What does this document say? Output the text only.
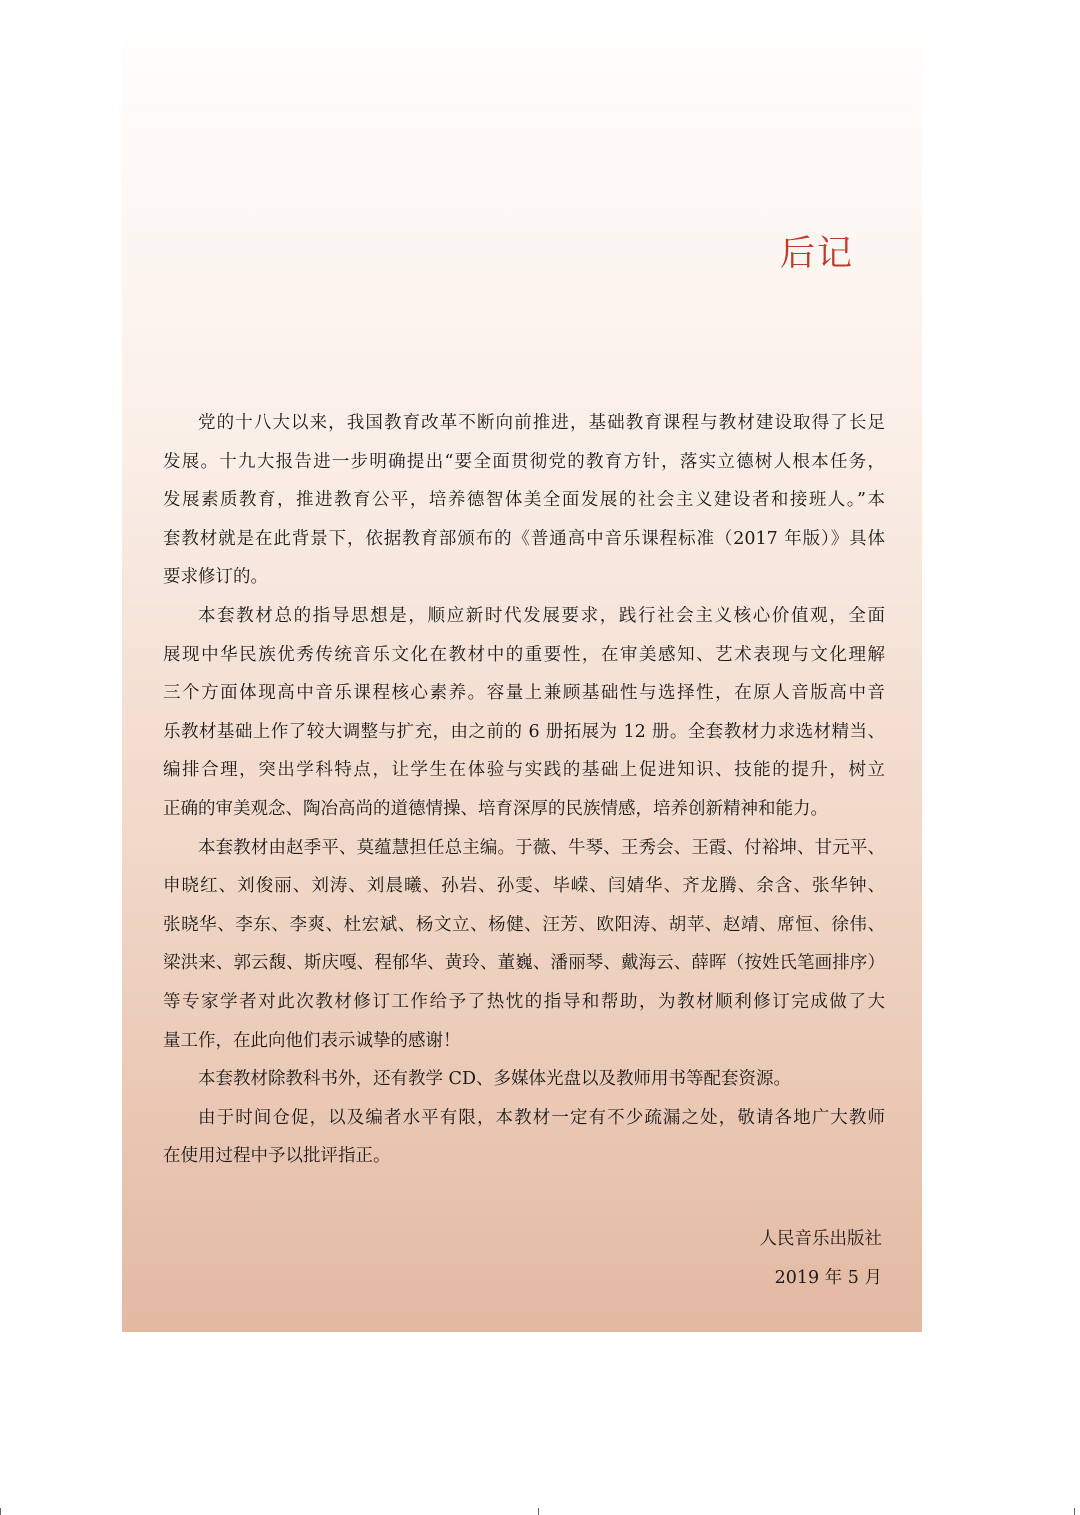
后记
党的十八大以来，我国教育改革不断向前推进，基础教育课程与教材建设取得了长足
发展。十九大报告进一步明确提出“要全面贯彻党的教育方针，落实立德树人根本任务，
发展素质教育，推进教育公平，培养德智体美全面发展的社会主义建设者和接班人。”本
套教材就是在此背景下，依据教育部颁布的《普通高中音乐课程标准（2017 年版）》具体
要求修订的。
本套教材总的指导思想是，顺应新时代发展要求，践行社会主义核心价值观，全面
展现中华民族优秀传统音乐文化在教材中的重要性，在审美感知、艺术表现与文化理解
三个方面体现高中音乐课程核心素养。容量上兼顾基础性与选择性，在原人音版高中音
乐教材基础上作了较大调整与扩充，由之前的 6 册拓展为 12 册。全套教材力求选材精当、
编排合理，突出学科特点，让学生在体验与实践的基础上促进知识、技能的提升，树立
正确的审美观念、陶冶高尚的道德情操、培育深厚的民族情感，培养创新精神和能力。
本套教材由赵季平、莫蕴慧担任总主编。于薇、牛琴、王秀会、王霞、付裕坤、甘元平、
申晓红、刘俊丽、刘涛、刘晨曦、孙岩、孙雯、毕嵘、闫婧华、齐龙腾、余含、张华钟、
张晓华、李东、李爽、杜宏斌、杨文立、杨健、汪芳、欧阳涛、胡苹、赵靖、席恒、徐伟、
梁洪来、郭云馥、斯庆嘎、程郁华、黄玲、董巍、潘丽琴、戴海云、薛晖（按姓氏笔画排序）
等专家学者对此次教材修订工作给予了热忱的指导和帮助，为教材顺利修订完成做了大
量工作，在此向他们表示诚挚的感谢！
本套教材除教科书外，还有教学 CD、多媒体光盘以及教师用书等配套资源。
由于时间仓促，以及编者水平有限，本教材一定有不少疏漏之处，敬请各地广大教师
在使用过程中予以批评指正。
人民音乐出版社
2019 年 5 月
